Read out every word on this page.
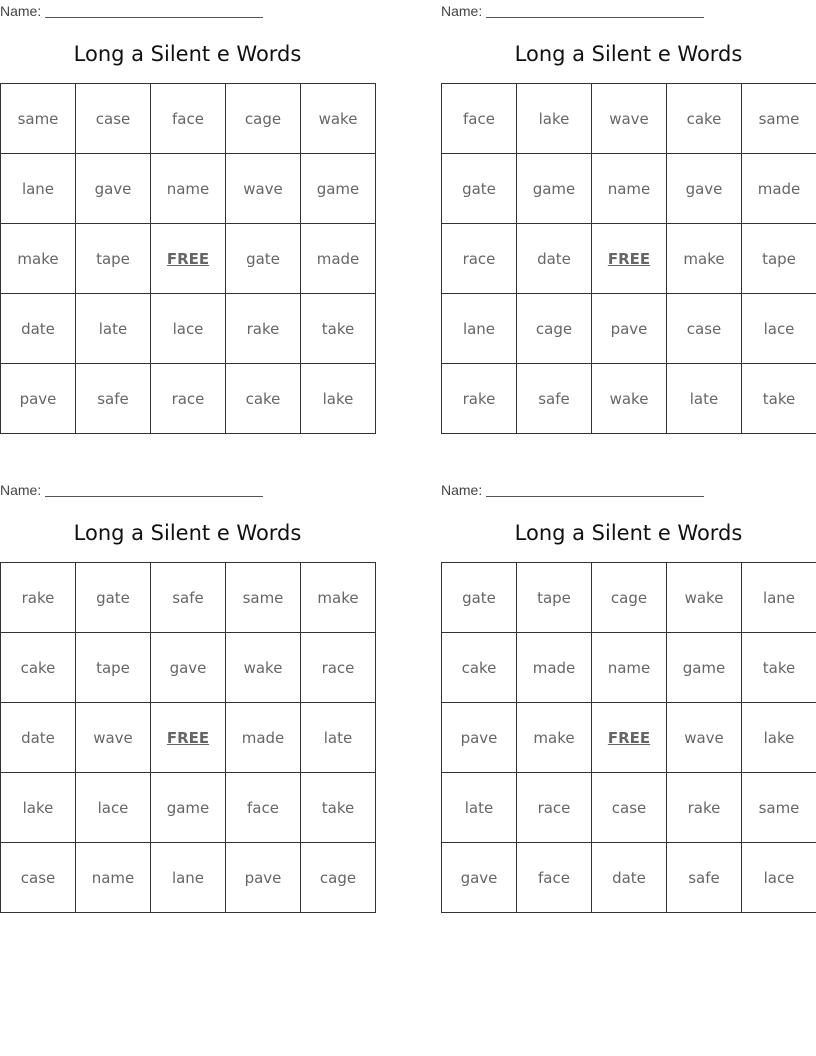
Name:
Long a Silent e Words
same	case	face	cage	wake
lane	gave	name	wave	game
make	tape	FREE	gate	made
date	late	lace	rake	take
pave	safe	race	cake	lake
Name:
Long a Silent e Words
face	lake	wave	cake	same
gate	game	name	gave	made
race	date	FREE	make	tape
lane	cage	pave	case	lace
rake	safe	wake	late	take
Name:
Long a Silent e Words
rake	gate	safe	same	make
cake	tape	gave	wake	race
date	wave	FREE	made	late
lake	lace	game	face	take
case	name	lane	pave	cage
Name:
Long a Silent e Words
gate	tape	cage	wake	lane
cake	made	name	game	take
pave	make	FREE	wave	lake
late	race	case	rake	same
gave	face	date	safe	lace
